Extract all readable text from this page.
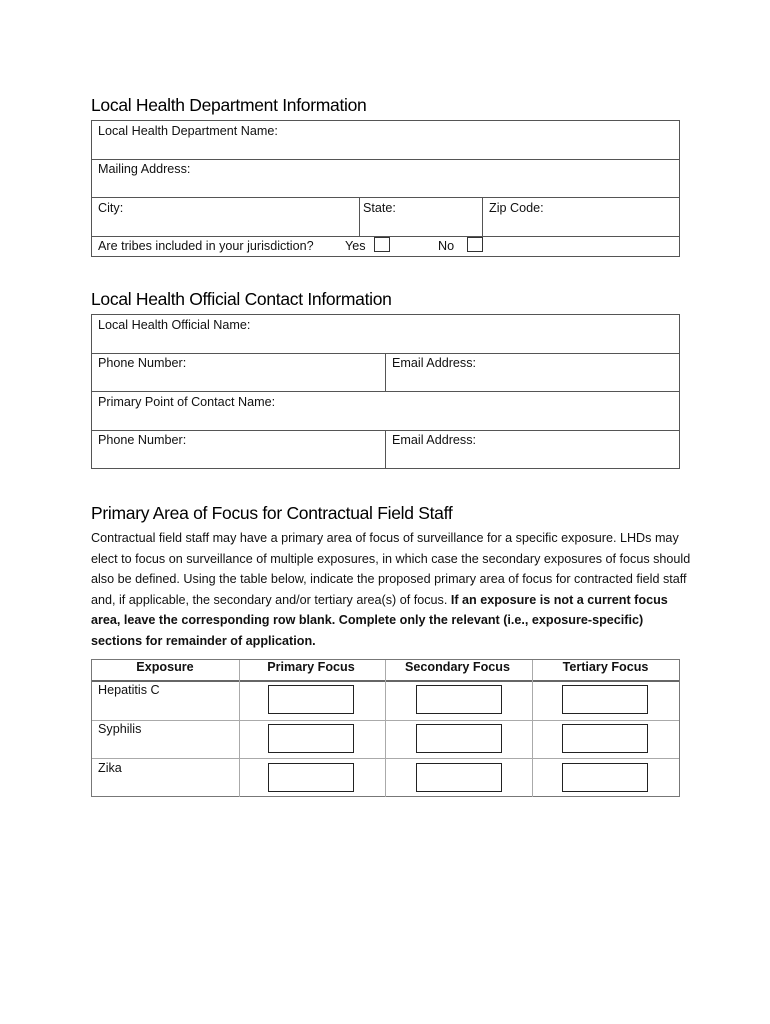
Local Health Department Information
Local Health Department Name:
Mailing Address:
City:	State:	Zip Code:
Are tribes included in your jurisdiction? Yes	No
Local Health Official Contact Information
Local Health Official Name:
Phone Number:	Email Address:
Primary Point of Contact Name:
Phone Number:	Email Address:
Primary Area of Focus for Contractual Field Staff
Contractual field staff may have a primary area of focus of surveillance for a specific exposure. LHDs may elect to focus on surveillance of multiple exposures, in which case the secondary exposures of focus should also be defined. Using the table below, indicate the proposed primary area of focus for contracted field staff and, if applicable, the secondary and/or tertiary area(s) of focus. If an exposure is not a current focus area, leave the corresponding row blank. Complete only the relevant (i.e., exposure-specific) sections for remainder of application.
Exposure	Primary Focus	Secondary Focus	Tertiary Focus
Hepatitis C
Syphilis
Zika
